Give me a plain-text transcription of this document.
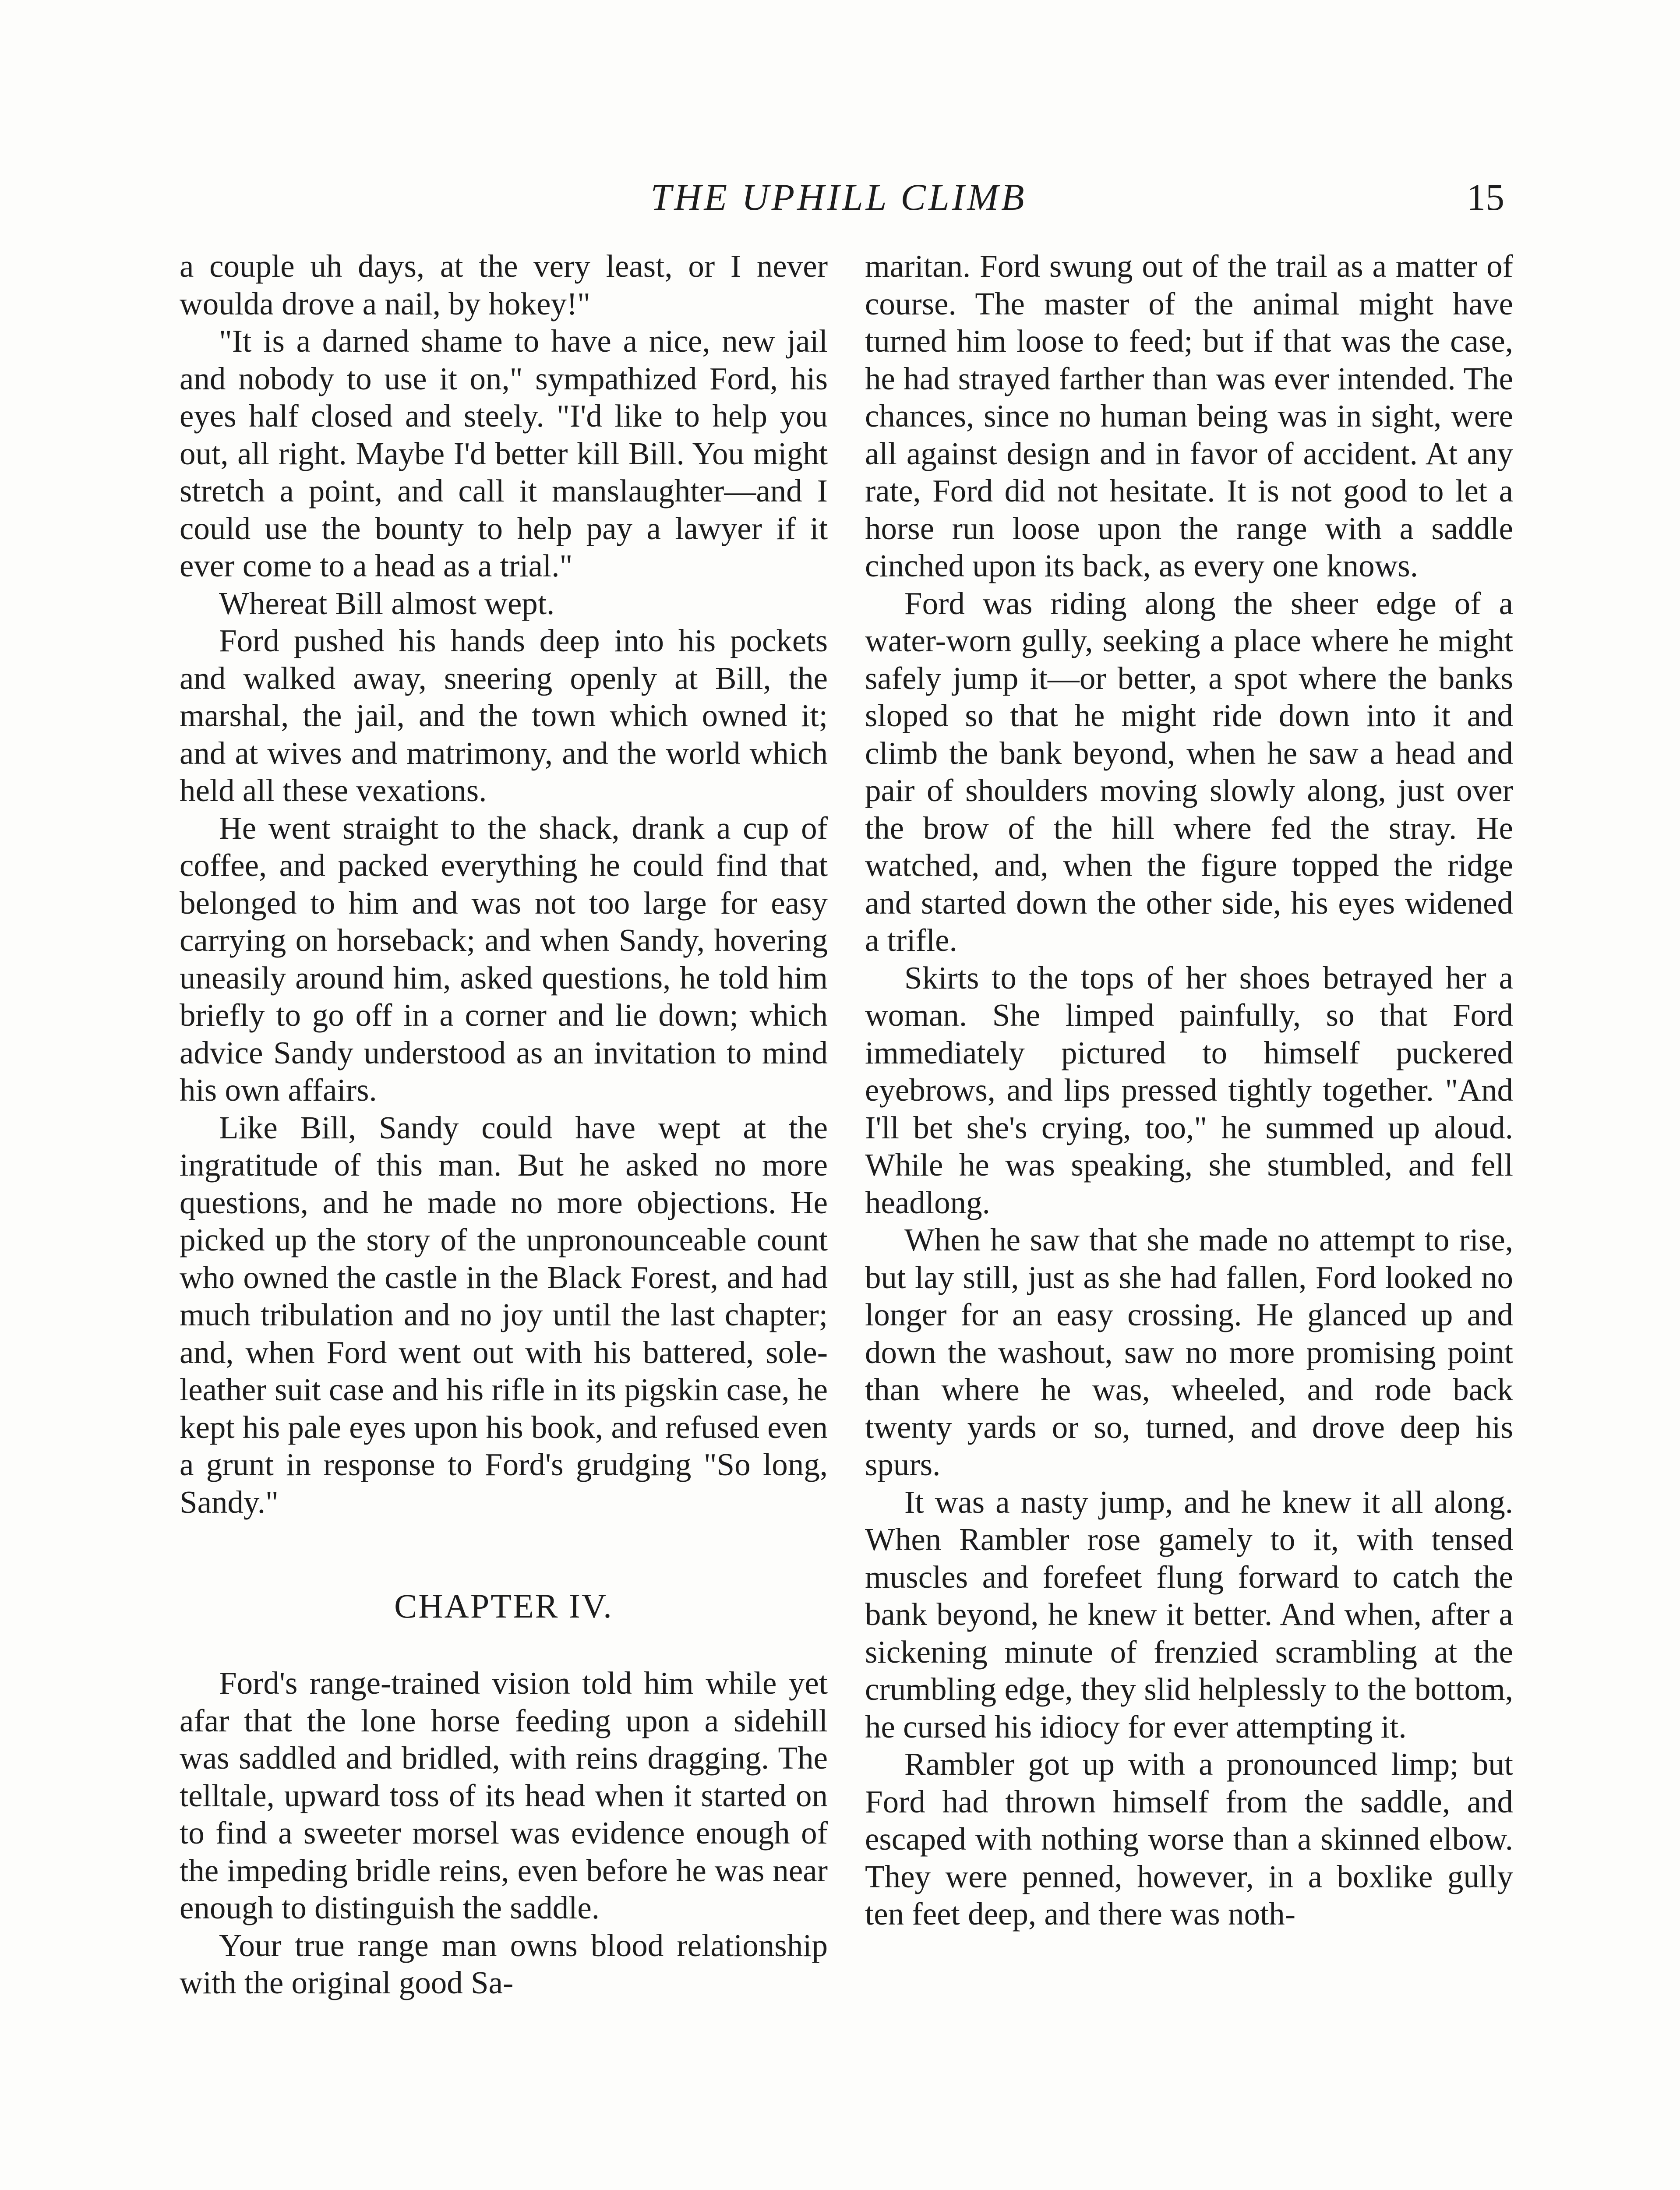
THE UPHILL CLIMB	15

a couple uh days, at the very least, or I never woulda drove a nail, by hokey!"

"It is a darned shame to have a nice, new jail and nobody to use it on," sympathized Ford, his eyes half closed and steely. "I'd like to help you out, all right. Maybe I'd better kill Bill. You might stretch a point, and call it manslaughter—and I could use the bounty to help pay a lawyer if it ever come to a head as a trial."

Whereat Bill almost wept.

Ford pushed his hands deep into his pockets and walked away, sneering openly at Bill, the marshal, the jail, and the town which owned it; and at wives and matrimony, and the world which held all these vexations.

He went straight to the shack, drank a cup of coffee, and packed everything he could find that belonged to him and was not too large for easy carrying on horseback; and when Sandy, hovering uneasily around him, asked questions, he told him briefly to go off in a corner and lie down; which advice Sandy understood as an invitation to mind his own affairs.

Like Bill, Sandy could have wept at the ingratitude of this man. But he asked no more questions, and he made no more objections. He picked up the story of the unpronounceable count who owned the castle in the Black Forest, and had much tribulation and no joy until the last chapter; and, when Ford went out with his battered, sole-leather suit case and his rifle in its pigskin case, he kept his pale eyes upon his book, and refused even a grunt in response to Ford's grudging "So long, Sandy."

CHAPTER IV.

Ford's range-trained vision told him while yet afar that the lone horse feeding upon a sidehill was saddled and bridled, with reins dragging. The telltale, upward toss of its head when it started on to find a sweeter morsel was evidence enough of the impeding bridle reins, even before he was near enough to distinguish the saddle.

Your true range man owns blood relationship with the original good Sa-

maritan. Ford swung out of the trail as a matter of course. The master of the animal might have turned him loose to feed; but if that was the case, he had strayed farther than was ever intended. The chances, since no human being was in sight, were all against design and in favor of accident. At any rate, Ford did not hesitate. It is not good to let a horse run loose upon the range with a saddle cinched upon its back, as every one knows.

Ford was riding along the sheer edge of a water-worn gully, seeking a place where he might safely jump it—or better, a spot where the banks sloped so that he might ride down into it and climb the bank beyond, when he saw a head and pair of shoulders moving slowly along, just over the brow of the hill where fed the stray. He watched, and, when the figure topped the ridge and started down the other side, his eyes widened a trifle.

Skirts to the tops of her shoes betrayed her a woman. She limped painfully, so that Ford immediately pictured to himself puckered eyebrows, and lips pressed tightly together. "And I'll bet she's crying, too," he summed up aloud. While he was speaking, she stumbled, and fell headlong.

When he saw that she made no attempt to rise, but lay still, just as she had fallen, Ford looked no longer for an easy crossing. He glanced up and down the washout, saw no more promising point than where he was, wheeled, and rode back twenty yards or so, turned, and drove deep his spurs.

It was a nasty jump, and he knew it all along. When Rambler rose gamely to it, with tensed muscles and forefeet flung forward to catch the bank beyond, he knew it better. And when, after a sickening minute of frenzied scrambling at the crumbling edge, they slid helplessly to the bottom, he cursed his idiocy for ever attempting it.

Rambler got up with a pronounced limp; but Ford had thrown himself from the saddle, and escaped with nothing worse than a skinned elbow. They were penned, however, in a boxlike gully ten feet deep, and there was noth-
